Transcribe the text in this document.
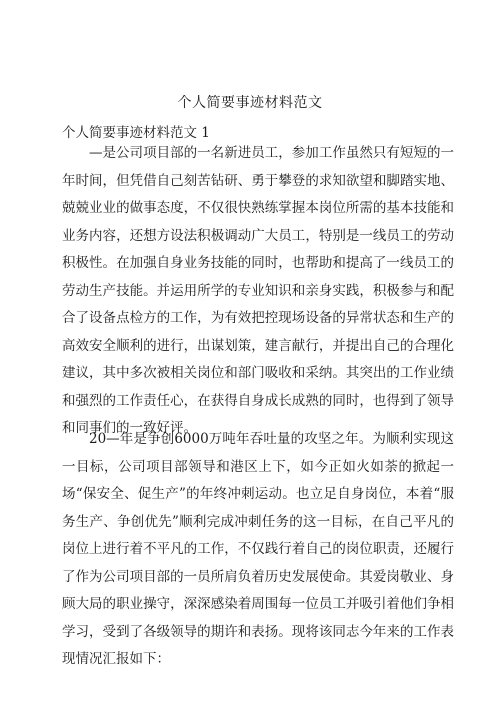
个人简要事迹材料范文
个人简要事迹材料范文 1

—是公司项目部的一名新进员工，参加工作虽然只有短短的一年时间，但凭借自己刻苦钻研、勇于攀登的求知欲望和脚踏实地、兢兢业业的做事态度，不仅很快熟练掌握本岗位所需的基本技能和业务内容，还想方设法积极调动广大员工，特别是一线员工的劳动积极性。在加强自身业务技能的同时，也帮助和提高了一线员工的劳动生产技能。并运用所学的专业知识和亲身实践，积极参与和配合了设备点检方的工作，为有效把控现场设备的异常状态和生产的高效安全顺利的进行，出谋划策，建言献行，并提出自己的合理化建议，其中多次被相关岗位和部门吸收和采纳。其突出的工作业绩和强烈的工作责任心，在获得自身成长成熟的同时，也得到了领导和同事们的一致好评。

20—年是争创6000万吨年吞吐量的攻坚之年。为顺利实现这一目标，公司项目部领导和港区上下，如今正如火如荼的掀起一场“保安全、促生产”的年终冲刺运动。也立足自身岗位，本着“服务生产、争创优先”顺利完成冲刺任务的这一目标，在自己平凡的岗位上进行着不平凡的工作，不仅践行着自己的岗位职责，还履行了作为公司项目部的一员所肩负着历史发展使命。其爱岗敬业、身顾大局的职业操守，深深感染着周围每一位员工并吸引着他们争相学习，受到了各级领导的期许和表扬。现将该同志今年来的工作表现情况汇报如下：
